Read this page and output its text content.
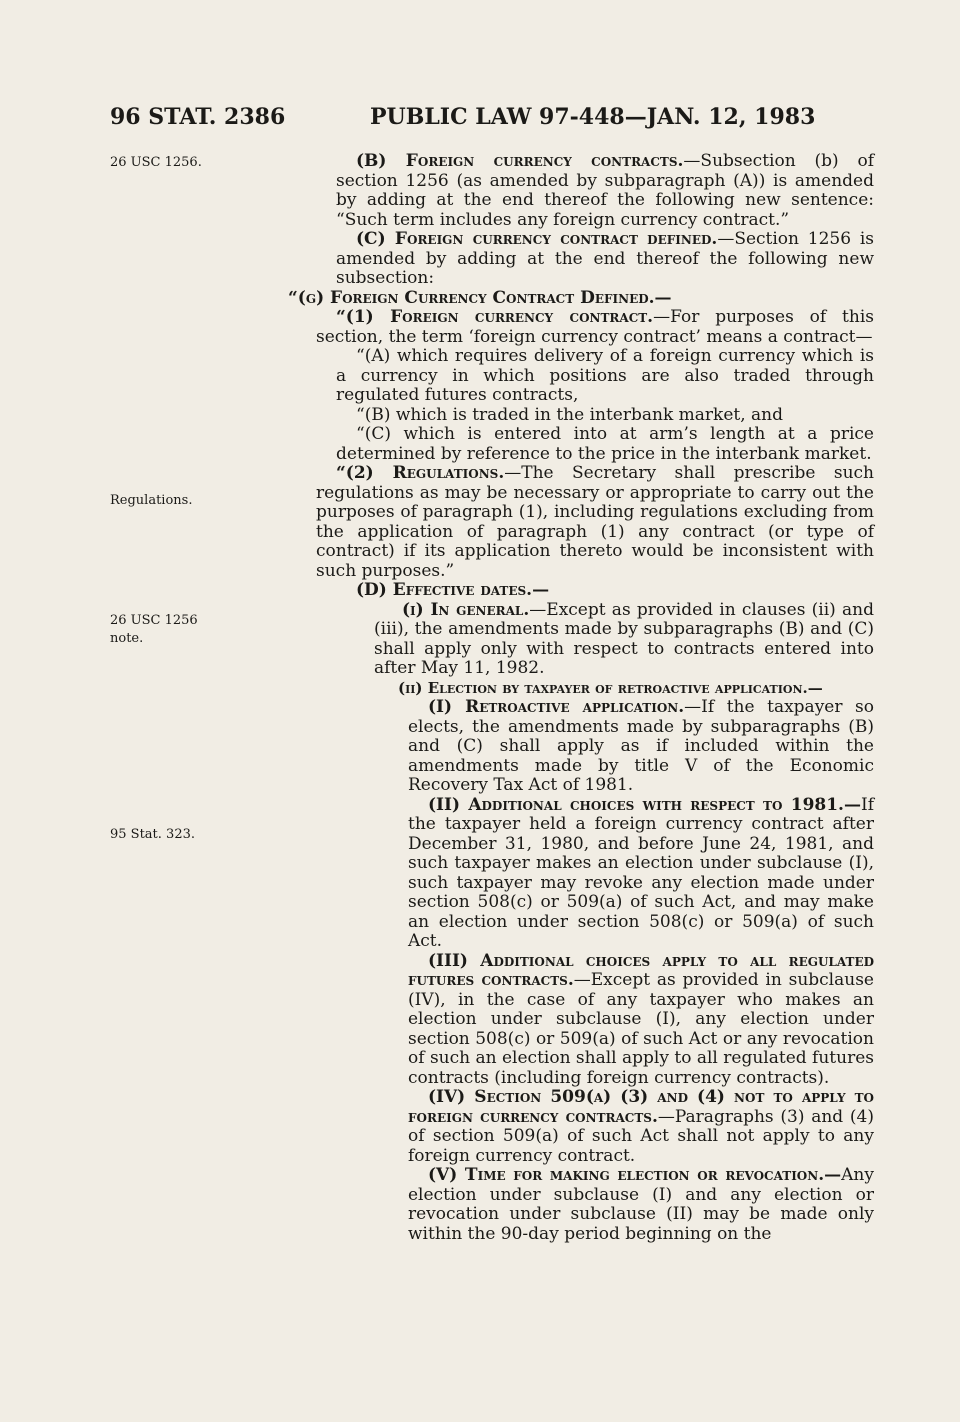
96 STAT. 2386	PUBLIC LAW 97-448—JAN. 12, 1983
26 USC 1256.
Regulations.
26 USC 1256
note.
95 Stat. 323.

(B) Foreign currency contracts.—Subsection (b) of section 1256 (as amended by subparagraph (A)) is amended by adding at the end thereof the following new sentence: “Such term includes any foreign currency contract.”

(C) Foreign currency contract defined.—Section 1256 is amended by adding at the end thereof the following new subsection:

“(g) Foreign Currency Contract Defined.—

“(1) Foreign currency contract.—For purposes of this section, the term ‘foreign currency contract’ means a contract—

“(A) which requires delivery of a foreign currency which is a currency in which positions are also traded through regulated futures contracts,

“(B) which is traded in the interbank market, and

“(C) which is entered into at arm’s length at a price determined by reference to the price in the interbank market.

“(2) Regulations.—The Secretary shall prescribe such regulations as may be necessary or appropriate to carry out the purposes of paragraph (1), including regulations excluding from the application of paragraph (1) any contract (or type of contract) if its application thereto would be inconsistent with such purposes.”

(D) Effective dates.—

(i) In general.—Except as provided in clauses (ii) and (iii), the amendments made by subparagraphs (B) and (C) shall apply only with respect to contracts entered into after May 11, 1982.

(ii) Election by taxpayer of retroactive application.—

(I) Retroactive application.—If the taxpayer so elects, the amendments made by subparagraphs (B) and (C) shall apply as if included within the amendments made by title V of the Economic Recovery Tax Act of 1981.

(II) Additional choices with respect to 1981.—If the taxpayer held a foreign currency contract after December 31, 1980, and before June 24, 1981, and such taxpayer makes an election under subclause (I), such taxpayer may revoke any election made under section 508(c) or 509(a) of such Act, and may make an election under section 508(c) or 509(a) of such Act.

(III) Additional choices apply to all regulated futures contracts.—Except as provided in subclause (IV), in the case of any taxpayer who makes an election under subclause (I), any election under section 508(c) or 509(a) of such Act or any revocation of such an election shall apply to all regulated futures contracts (including foreign currency contracts).

(IV) Section 509(a) (3) and (4) not to apply to foreign currency contracts.—Paragraphs (3) and (4) of section 509(a) of such Act shall not apply to any foreign currency contract.

(V) Time for making election or revocation.—Any election under subclause (I) and any election or revocation under subclause (II) may be made only within the 90-day period beginning on the
